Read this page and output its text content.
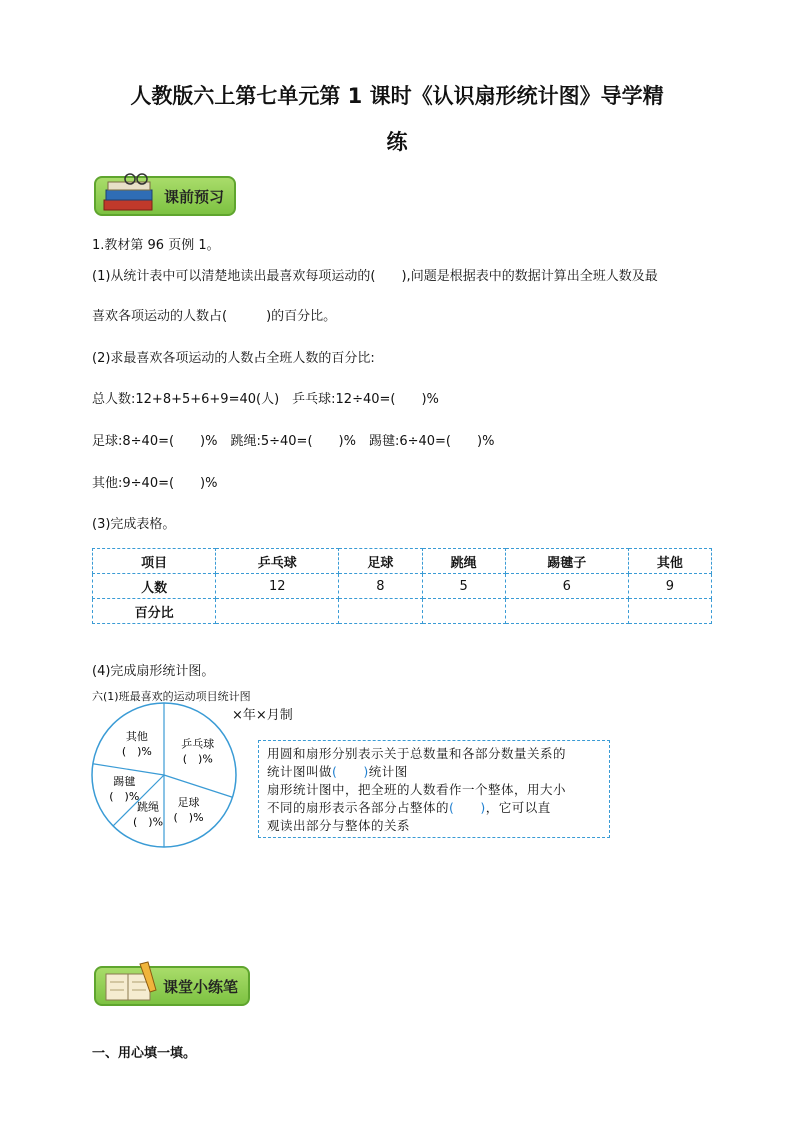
人教版六上第七单元第 1 课时《认识扇形统计图》导学精
练
课前预习
1.教材第 96 页例 1。
(1)从统计表中可以清楚地读出最喜欢每项运动的(　　),问题是根据表中的数据计算出全班人数及最
喜欢各项运动的人数占(　　　)的百分比。
(2)求最喜欢各项运动的人数占全班人数的百分比:
总人数:12+8+5+6+9=40(人)　乒乓球:12÷40=(　　)%
足球:8÷40=(　　)%　跳绳:5÷40=(　　)%　踢毽:6÷40=(　　)%
其他:9÷40=(　　)%
(3)完成表格。
项目	乒乓球	足球	跳绳	踢毽子	其他
人数	12	8	5	6	9
百分比					
(4)完成扇形统计图。
六(1)班最喜欢的运动项目统计图
×年×月制
乒乓球
(　)%
足球
(　)%
跳绳
(　)%
踢毽
(　)%
其他
(　)%	用圆和扇形分别表示关于总数量和各部分数量关系的
统计图叫做(　　)统计图
扇形统计图中，把全班的人数看作一个整体，用大小
不同的扇形表示各部分占整体的(　　)，它可以直
观读出部分与整体的关系
课堂小练笔
一、用心填一填。
